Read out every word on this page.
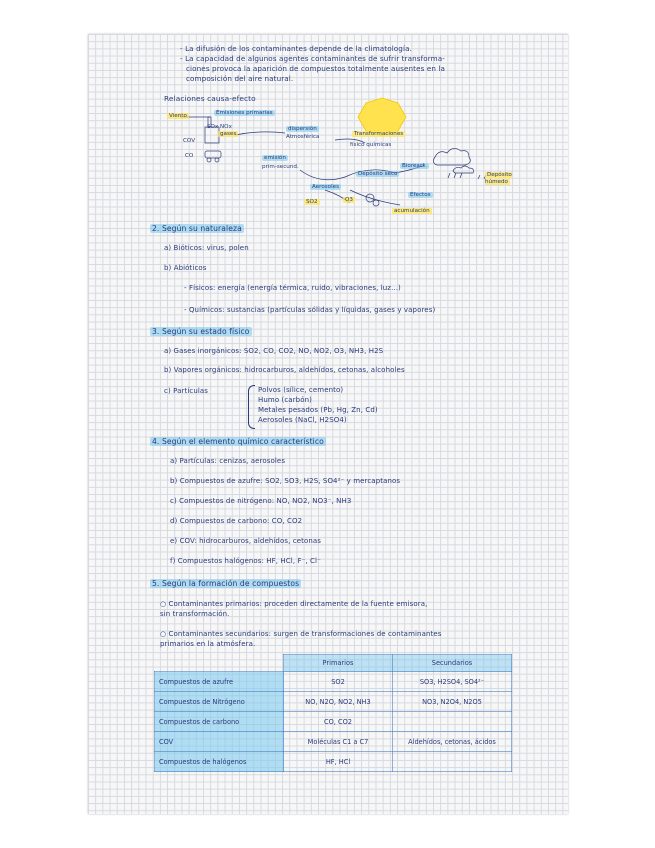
- La difusión de los contaminantes depende de la climatología.
- La capacidad de algunos agentes contaminantes de sufrir transforma-
ciones provoca la aparición de compuestos totalmente ausentes en la
composición del aire natural.
Relaciones causa-efecto
Viento	Emisiones primarias
gases
COV
SOx NOx
CO
dispersión
Atmosférica	Transformaciones
físico químicas
emisión
prim-secund.
Depósito seco
Bioreact.
Aerosoles
SO2	O3
Depósito húmedo
Efectos
acumulación
2. Según su naturaleza
a) Bióticos: virus, polen
b) Abióticos
- Físicos: energía (energía térmica, ruido, vibraciones, luz...)
- Químicos: sustancias (partículas sólidas y líquidas, gases y vapores)
3. Según su estado físico
a) Gases inorgánicos: SO2, CO, CO2, NO, NO2, O3, NH3, H2S
b) Vapores orgánicos: hidrocarburos, aldehídos, cetonas, alcoholes
c) Partículas	Polvos (sílice, cemento)
Humo (carbón)
Metales pesados (Pb, Hg, Zn, Cd)
Aerosoles (NaCl, H2SO4)
4. Según el elemento químico característico
a) Partículas: cenizas, aerosoles
b) Compuestos de azufre: SO2, SO3, H2S, SO4²⁻ y mercaptanos
c) Compuestos de nitrógeno: NO, NO2, NO3⁻, NH3
d) Compuestos de carbono: CO, CO2
e) COV: hidrocarburos, aldehídos, cetonas
f) Compuestos halógenos: HF, HCl, F⁻, Cl⁻
5. Según la formación de compuestos
○ Contaminantes primarios: proceden directamente de la fuente emisora,
sin transformación.
○ Contaminantes secundarios: surgen de transformaciones de contaminantes
primarios en la atmósfera.
	Primarios	Secundarios
Compuestos de azufre	SO2	SO3, H2SO4, SO4²⁻
Compuestos de Nitrógeno	NO, N2O, NO2, NH3	NO3, N2O4, N2O5
Compuestos de carbono	CO, CO2	
COV	Moléculas C1 a C7	Aldehídos, cetonas, ácidos
Compuestos de halógenos	HF, HCl	
